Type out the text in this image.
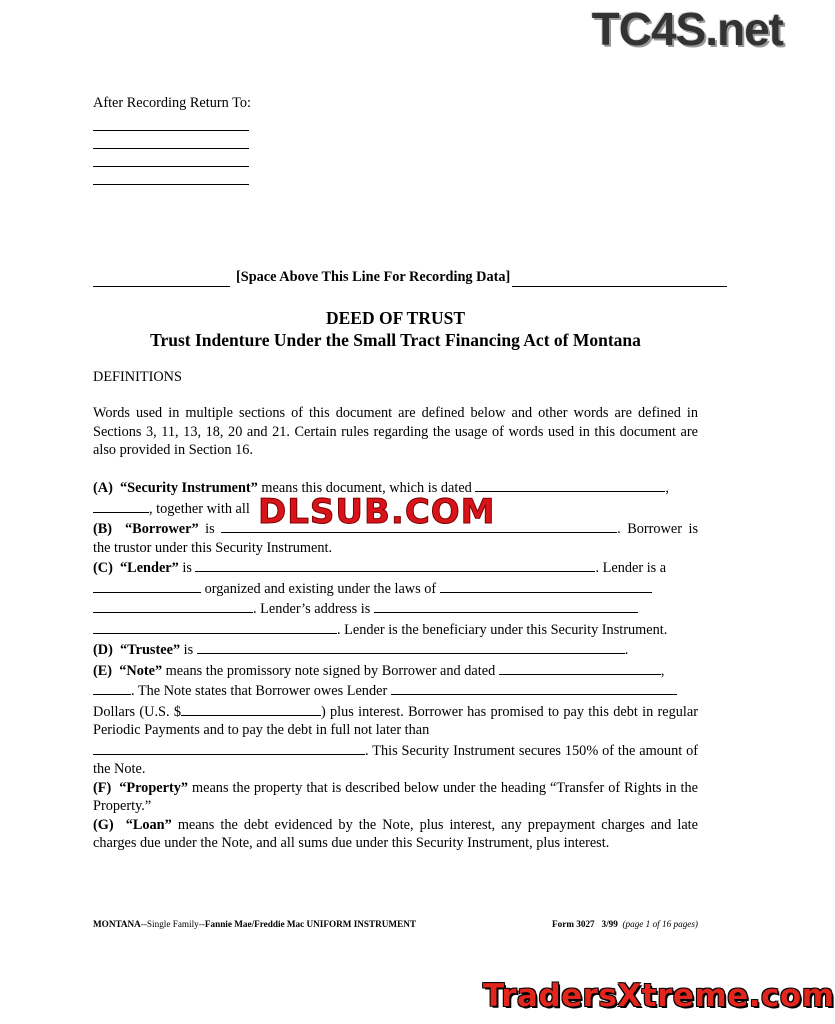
TC4S.net
After Recording Return To:
[Space Above This Line For Recording Data]
DEED OF TRUST
Trust Indenture Under the Small Tract Financing Act of Montana
DEFINITIONS
Words used in multiple sections of this document are defined below and other words are defined in Sections 3, 11, 13, 18, 20 and 21. Certain rules regarding the usage of words used in this document are also provided in Section 16.
(A) “Security Instrument” means this document, which is dated	,
, together with all
(B) “Borrower” is	. Borrower is the trustor under this Security Instrument.
(C) “Lender” is	. Lender is a
organized and existing under the laws of
. Lender’s address is
. Lender is the beneficiary under this Security Instrument.
(D) “Trustee” is	.
(E) “Note” means the promissory note signed by Borrower and dated	,
. The Note states that Borrower owes Lender
Dollars (U.S. $	) plus interest. Borrower has promised to pay this debt in regular Periodic Payments and to pay the debt in full not later than
. This Security Instrument secures 150% of the amount of the Note.
(F) “Property” means the property that is described below under the heading “Transfer of Rights in the Property.”
(G) “Loan” means the debt evidenced by the Note, plus interest, any prepayment charges and late charges due under the Note, and all sums due under this Security Instrument, plus interest.
DLSUB.COM
MONTANA--Single Family--Fannie Mae/Freddie Mac UNIFORM INSTRUMENT	Form 3027 3/99 (page 1 of 16 pages)
TradersXtreme.com
